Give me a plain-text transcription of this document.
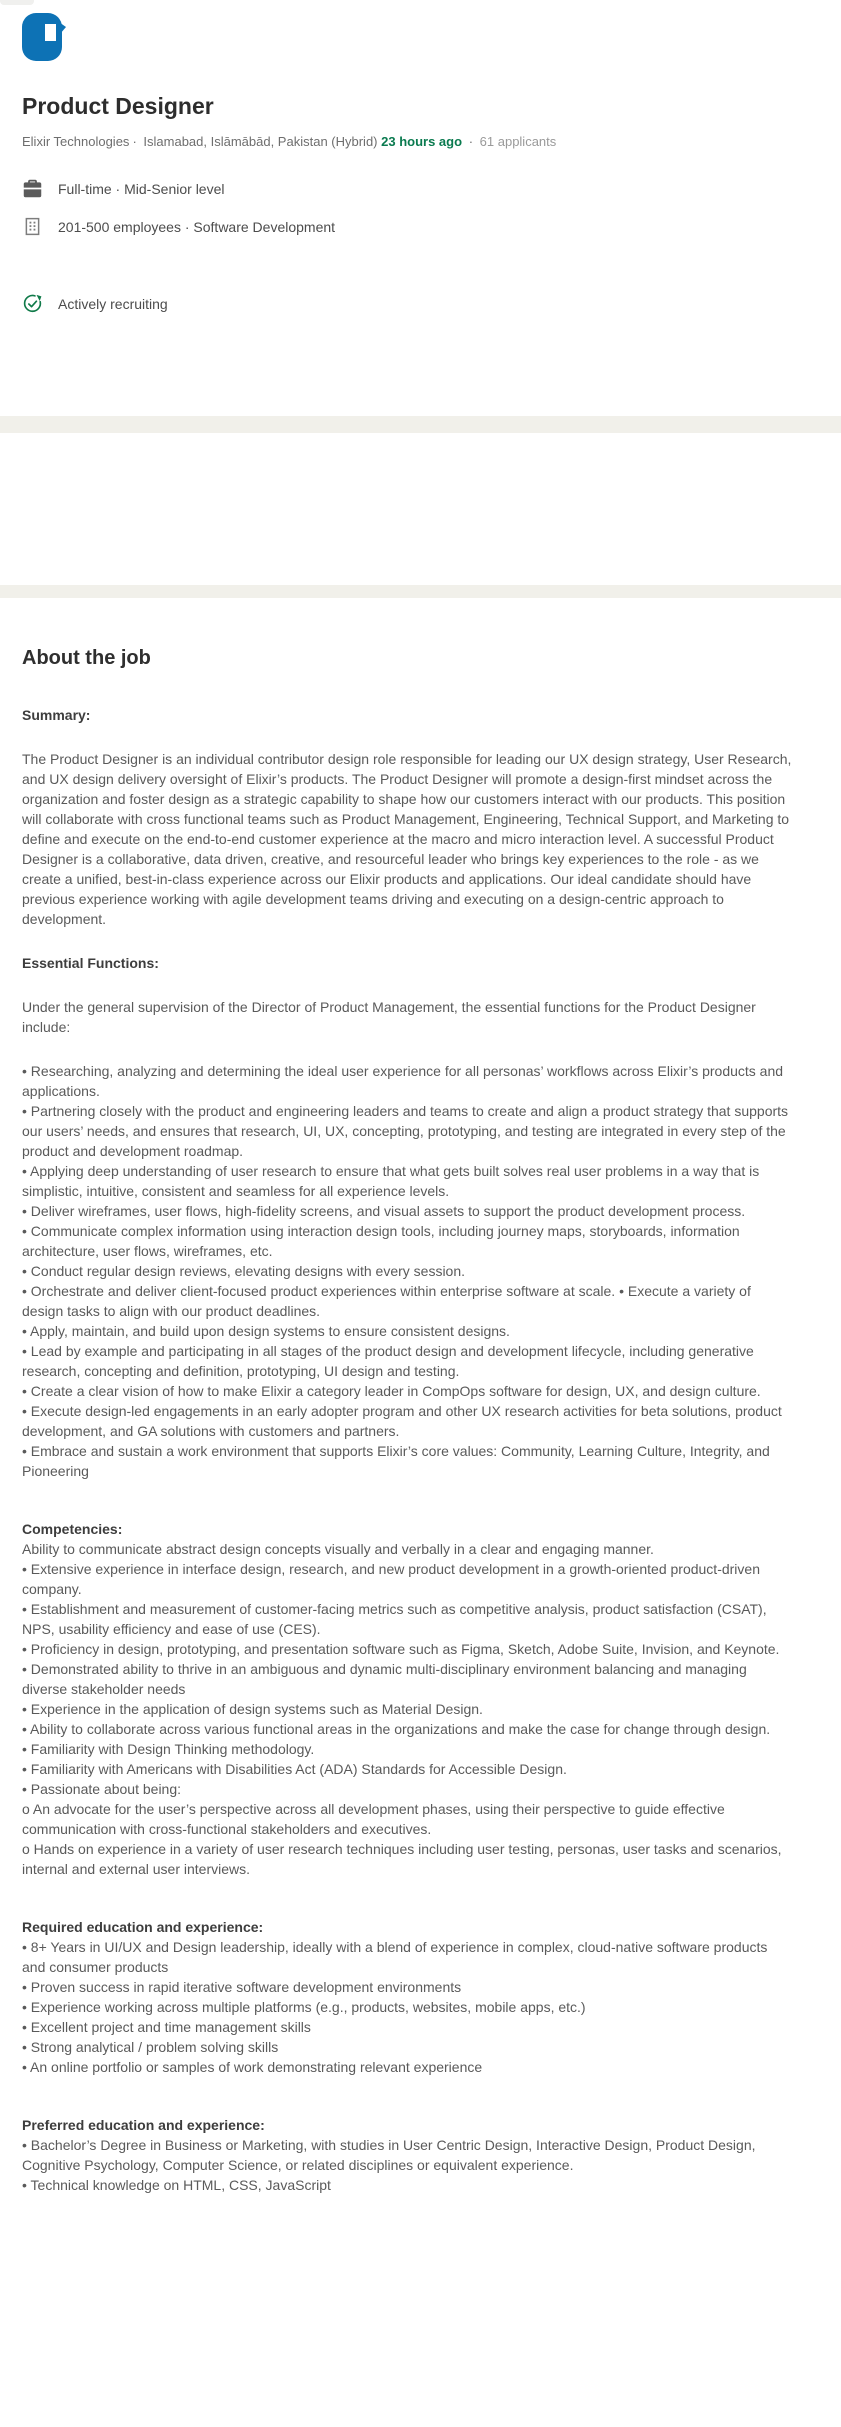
Product Designer
Elixir Technologies · Islamabad, Islāmābād, Pakistan (Hybrid) 23 hours ago · 61 applicants
Full-time · Mid-Senior level
201-500 employees · Software Development
Actively recruiting
About the job

Summary:

The Product Designer is an individual contributor design role responsible for leading our UX design strategy, User Research, and UX design delivery oversight of Elixir’s products. The Product Designer will promote a design-first mindset across the organization and foster design as a strategic capability to shape how our customers interact with our products. This position will collaborate with cross functional teams such as Product Management, Engineering, Technical Support, and Marketing to define and execute on the end-to-end customer experience at the macro and micro interaction level. A successful Product Designer is a collaborative, data driven, creative, and resourceful leader who brings key experiences to the role - as we create a unified, best-in-class experience across our Elixir products and applications. Our ideal candidate should have previous experience working with agile development teams driving and executing on a design-centric approach to development.

Essential Functions:

Under the general supervision of the Director of Product Management, the essential functions for the Product Designer include:

• Researching, analyzing and determining the ideal user experience for all personas’ workflows across Elixir’s products and applications.

• Partnering closely with the product and engineering leaders and teams to create and align a product strategy that supports our users’ needs, and ensures that research, UI, UX, concepting, prototyping, and testing are integrated in every step of the product and development roadmap.

• Applying deep understanding of user research to ensure that what gets built solves real user problems in a way that is simplistic, intuitive, consistent and seamless for all experience levels.

• Deliver wireframes, user flows, high-fidelity screens, and visual assets to support the product development process.

• Communicate complex information using interaction design tools, including journey maps, storyboards, information architecture, user flows, wireframes, etc.

• Conduct regular design reviews, elevating designs with every session.

• Orchestrate and deliver client-focused product experiences within enterprise software at scale. • Execute a variety of design tasks to align with our product deadlines.

• Apply, maintain, and build upon design systems to ensure consistent designs.

• Lead by example and participating in all stages of the product design and development lifecycle, including generative research, concepting and definition, prototyping, UI design and testing.

• Create a clear vision of how to make Elixir a category leader in CompOps software for design, UX, and design culture.

• Execute design-led engagements in an early adopter program and other UX research activities for beta solutions, product development, and GA solutions with customers and partners.

• Embrace and sustain a work environment that supports Elixir’s core values: Community, Learning Culture, Integrity, and Pioneering

Competencies:

Ability to communicate abstract design concepts visually and verbally in a clear and engaging manner.

• Extensive experience in interface design, research, and new product development in a growth-oriented product-driven company.

• Establishment and measurement of customer-facing metrics such as competitive analysis, product satisfaction (CSAT), NPS, usability efficiency and ease of use (CES).

• Proficiency in design, prototyping, and presentation software such as Figma, Sketch, Adobe Suite, Invision, and Keynote.

• Demonstrated ability to thrive in an ambiguous and dynamic multi-disciplinary environment balancing and managing diverse stakeholder needs

• Experience in the application of design systems such as Material Design.

• Ability to collaborate across various functional areas in the organizations and make the case for change through design.

• Familiarity with Design Thinking methodology.

• Familiarity with Americans with Disabilities Act (ADA) Standards for Accessible Design.

• Passionate about being:

o An advocate for the user’s perspective across all development phases, using their perspective to guide effective communication with cross-functional stakeholders and executives.

o Hands on experience in a variety of user research techniques including user testing, personas, user tasks and scenarios, internal and external user interviews.

Required education and experience:

• 8+ Years in UI/UX and Design leadership, ideally with a blend of experience in complex, cloud-native software products and consumer products

• Proven success in rapid iterative software development environments

• Experience working across multiple platforms (e.g., products, websites, mobile apps, etc.)

• Excellent project and time management skills

• Strong analytical / problem solving skills

• An online portfolio or samples of work demonstrating relevant experience

Preferred education and experience:

• Bachelor’s Degree in Business or Marketing, with studies in User Centric Design, Interactive Design, Product Design, Cognitive Psychology, Computer Science, or related disciplines or equivalent experience.

• Technical knowledge on HTML, CSS, JavaScript
